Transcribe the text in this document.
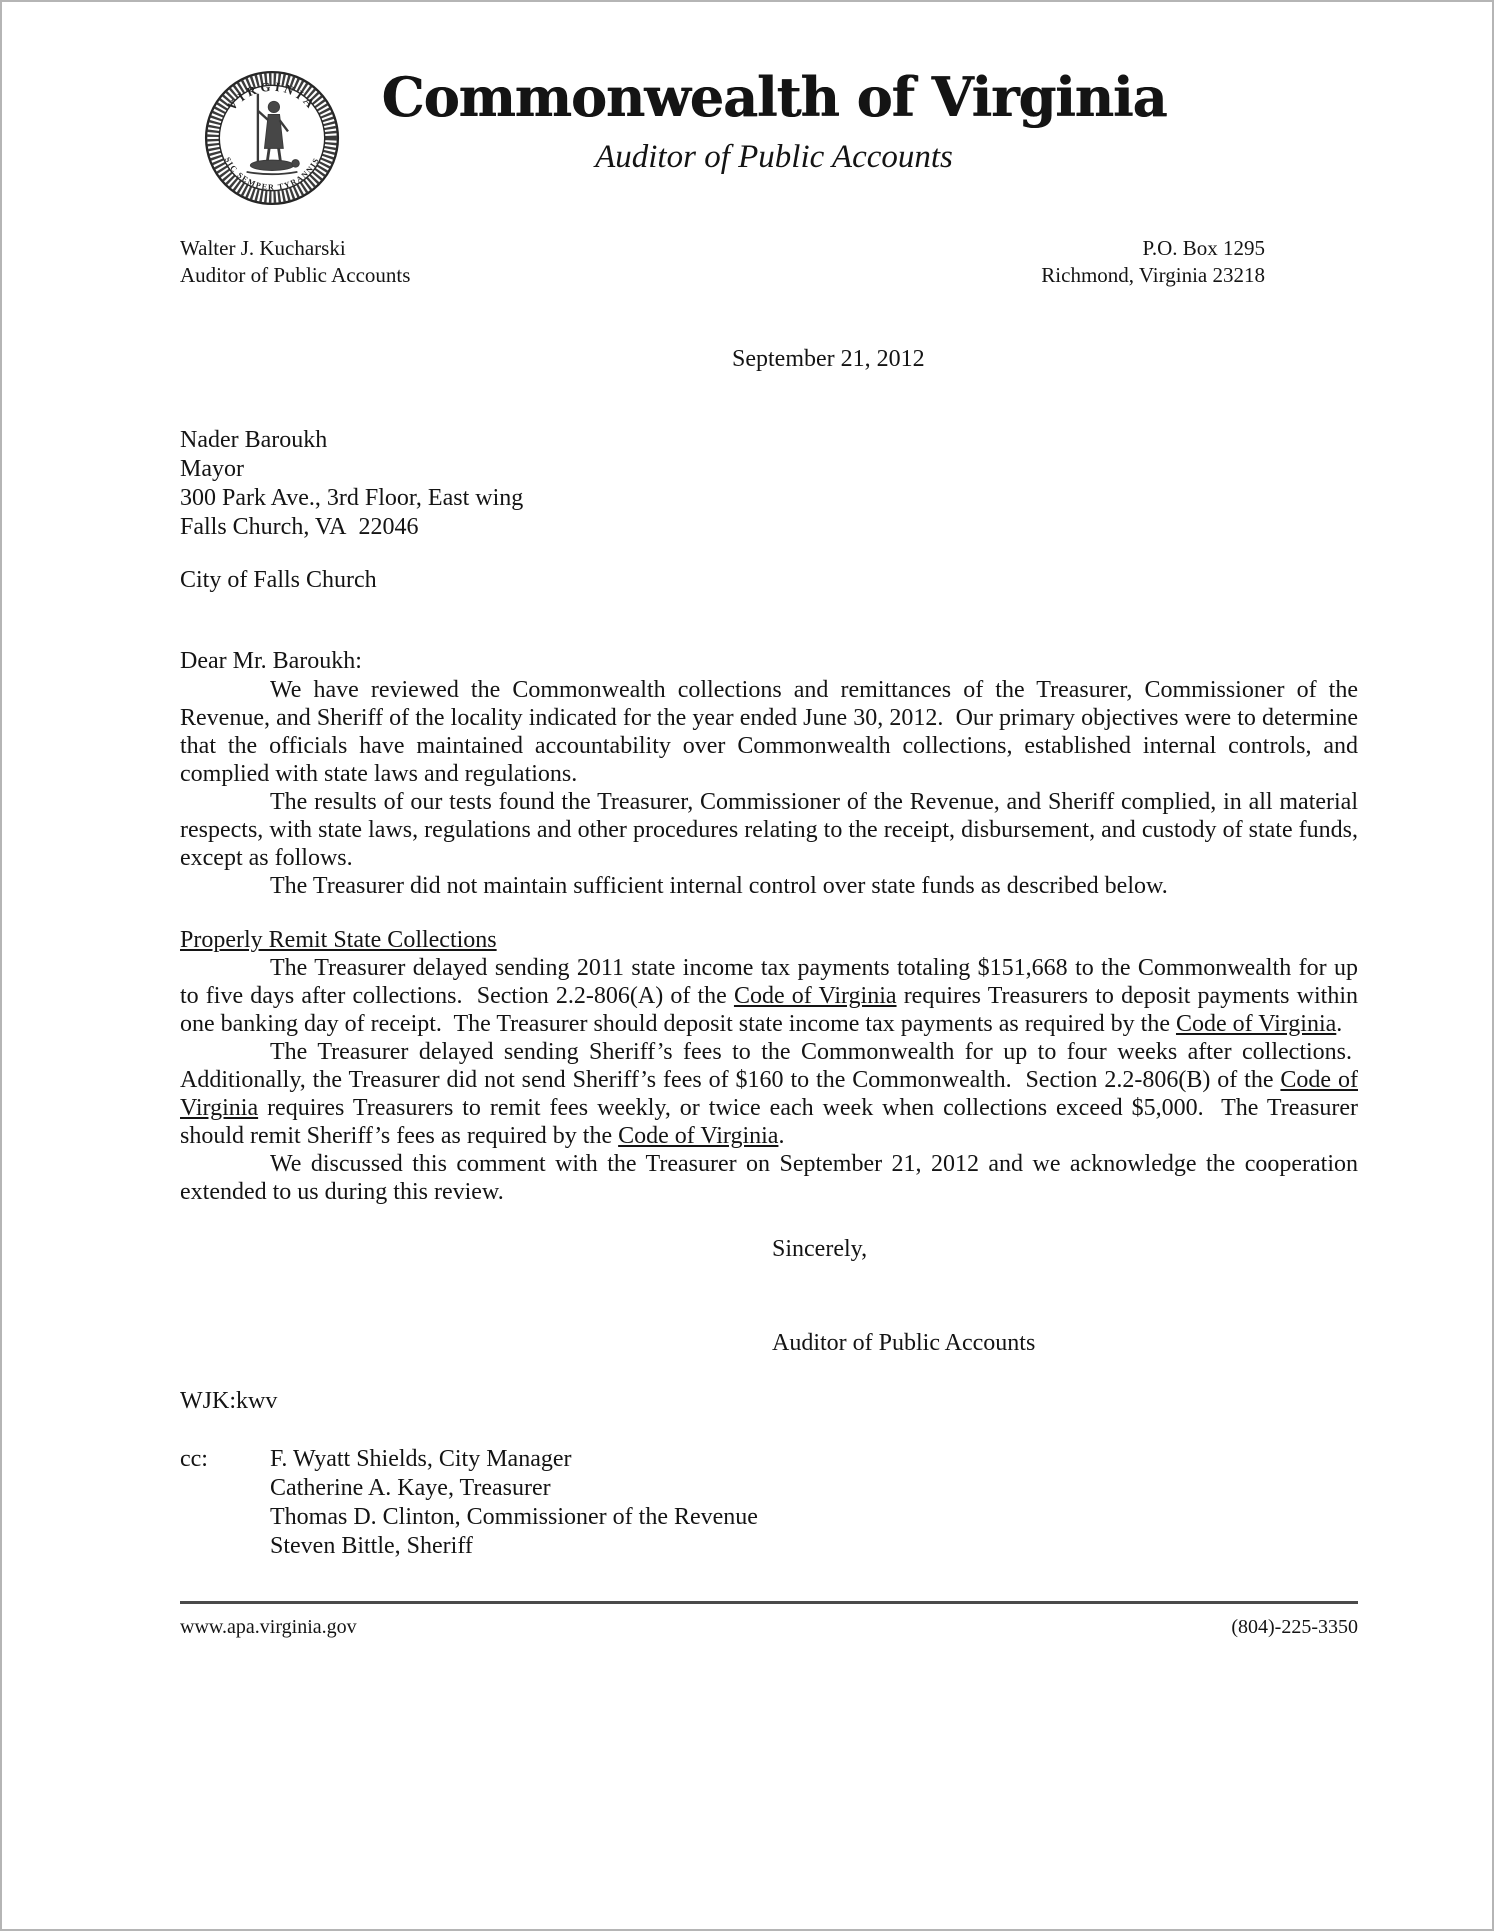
VIRGINIA
SIC SEMPER TYRANNIS
Commonwealth of Virginia
Auditor of Public Accounts
Walter J. Kucharski
Auditor of Public Accounts
P.O. Box 1295
Richmond, Virginia 23218
September 21, 2012
Nader Baroukh
Mayor
300 Park Ave., 3rd Floor, East wing
Falls Church, VA  22046
City of Falls Church
Dear Mr. Baroukh:

We have reviewed the Commonwealth collections and remittances of the Treasurer, Commissioner of the Revenue, and Sheriff of the locality indicated for the year ended June 30, 2012.  Our primary objectives were to determine that the officials have maintained accountability over Commonwealth collections, established internal controls, and complied with state laws and regulations.

The results of our tests found the Treasurer, Commissioner of the Revenue, and Sheriff complied, in all material respects, with state laws, regulations and other procedures relating to the receipt, disbursement, and custody of state funds, except as follows.

The Treasurer did not maintain sufficient internal control over state funds as described below.

Properly Remit State Collections

The Treasurer delayed sending 2011 state income tax payments totaling $151,668 to the Commonwealth for up to five days after collections.  Section 2.2-806(A) of the Code of Virginia requires Treasurers to deposit payments within one banking day of receipt.  The Treasurer should deposit state income tax payments as required by the Code of Virginia.

The Treasurer delayed sending Sheriff’s fees to the Commonwealth for up to four weeks after collections.  Additionally, the Treasurer did not send Sheriff’s fees of $160 to the Commonwealth.  Section 2.2-806(B) of the Code of Virginia requires Treasurers to remit fees weekly, or twice each week when collections exceed $5,000.  The Treasurer should remit Sheriff’s fees as required by the Code of Virginia.

We discussed this comment with the Treasurer on September 21, 2012 and we acknowledge the cooperation extended to us during this review.

Sincerely,
Auditor of Public Accounts
WJK:kwv
cc:	F. Wyatt Shields, City Manager
Catherine A. Kaye, Treasurer
Thomas D. Clinton, Commissioner of the Revenue
Steven Bittle, Sheriff
www.apa.virginia.gov	(804)-225-3350
